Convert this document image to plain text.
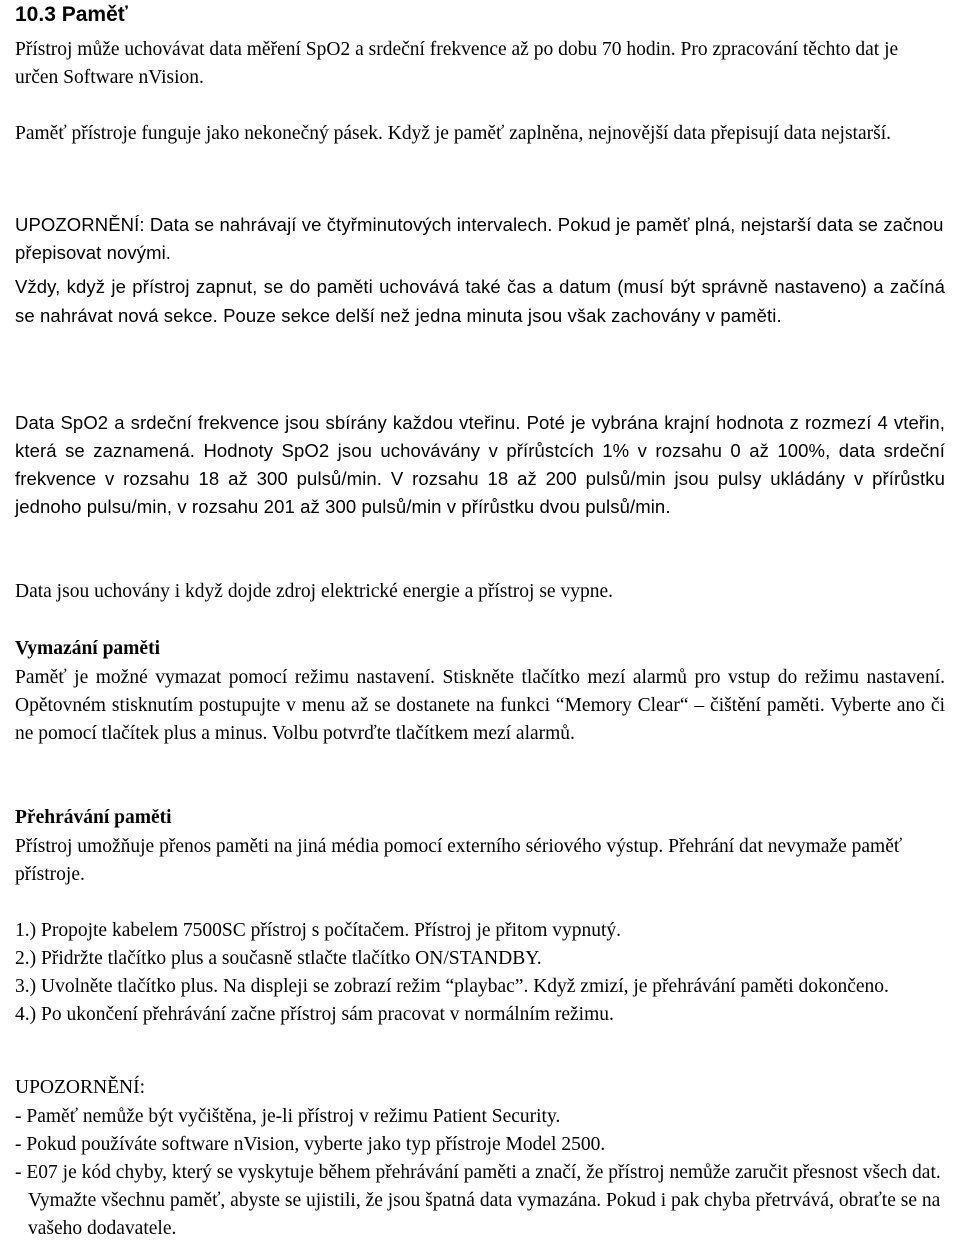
10.3 Paměť

Přístroj může uchovávat data měření SpO2 a srdeční frekvence až po dobu 70 hodin. Pro zpracování těchto dat je určen Software nVision.

Paměť přístroje funguje jako nekonečný pásek. Když je paměť zaplněna, nejnovější data přepisují data nejstarší.

UPOZORNĚNÍ: Data se nahrávají ve čtyřminutových intervalech. Pokud je paměť plná, nejstarší data se začnou přepisovat novými.

Vždy, když je přístroj zapnut, se do paměti uchovává také čas a datum (musí být správně nastaveno) a začíná se nahrávat nová sekce. Pouze sekce delší než jedna minuta jsou však zachovány v paměti.

Data SpO2 a srdeční frekvence jsou sbírány každou vteřinu. Poté je vybrána krajní hodnota z rozmezí 4 vteřin, která se zaznamená. Hodnoty SpO2 jsou uchovávány v přírůstcích 1% v rozsahu 0 až 100%, data srdeční frekvence v rozsahu 18 až 300 pulsů/min. V rozsahu 18 až 200 pulsů/min jsou pulsy ukládány v přírůstku jednoho pulsu/min, v rozsahu 201 až 300 pulsů/min v přírůstku dvou pulsů/min.

Data jsou uchovány i když dojde zdroj elektrické energie a přístroj se vypne.

Vymazání paměti

Paměť je možné vymazat pomocí režimu nastavení. Stiskněte tlačítko mezí alarmů pro vstup do režimu nastavení. Opětovném stisknutím postupujte v menu až se dostanete na funkci “Memory Clear“ – čištění paměti. Vyberte ano či ne pomocí tlačítek plus a minus. Volbu potvrďte tlačítkem mezí alarmů.

Přehrávání paměti

Přístroj umožňuje přenos paměti na jiná média pomocí externího sériového výstup. Přehrání dat nevymaže paměť přístroje.

1.) Propojte kabelem 7500SC přístroj s počítačem. Přístroj je přitom vypnutý.
2.) Přidržte tlačítko plus a současně stlačte tlačítko ON/STANDBY.
3.) Uvolněte tlačítko plus. Na displeji se zobrazí režim “playbac”. Když zmizí, je přehrávání paměti dokončeno.
4.) Po ukončení přehrávání začne přístroj sám pracovat v normálním režimu.

UPOZORNĚNÍ:

- Paměť nemůže být vyčištěna, je-li přístroj v režimu Patient Security.
- Pokud používáte software nVision, vyberte jako typ přístroje Model 2500.
- E07 je kód chyby, který se vyskytuje během přehrávání paměti a značí, že přístroj nemůže zaručit přesnost všech dat. Vymažte všechnu paměť, abyste se ujistili, že jsou špatná data vymazána. Pokud i pak chyba přetrvává, obraťte se na vašeho dodavatele.
